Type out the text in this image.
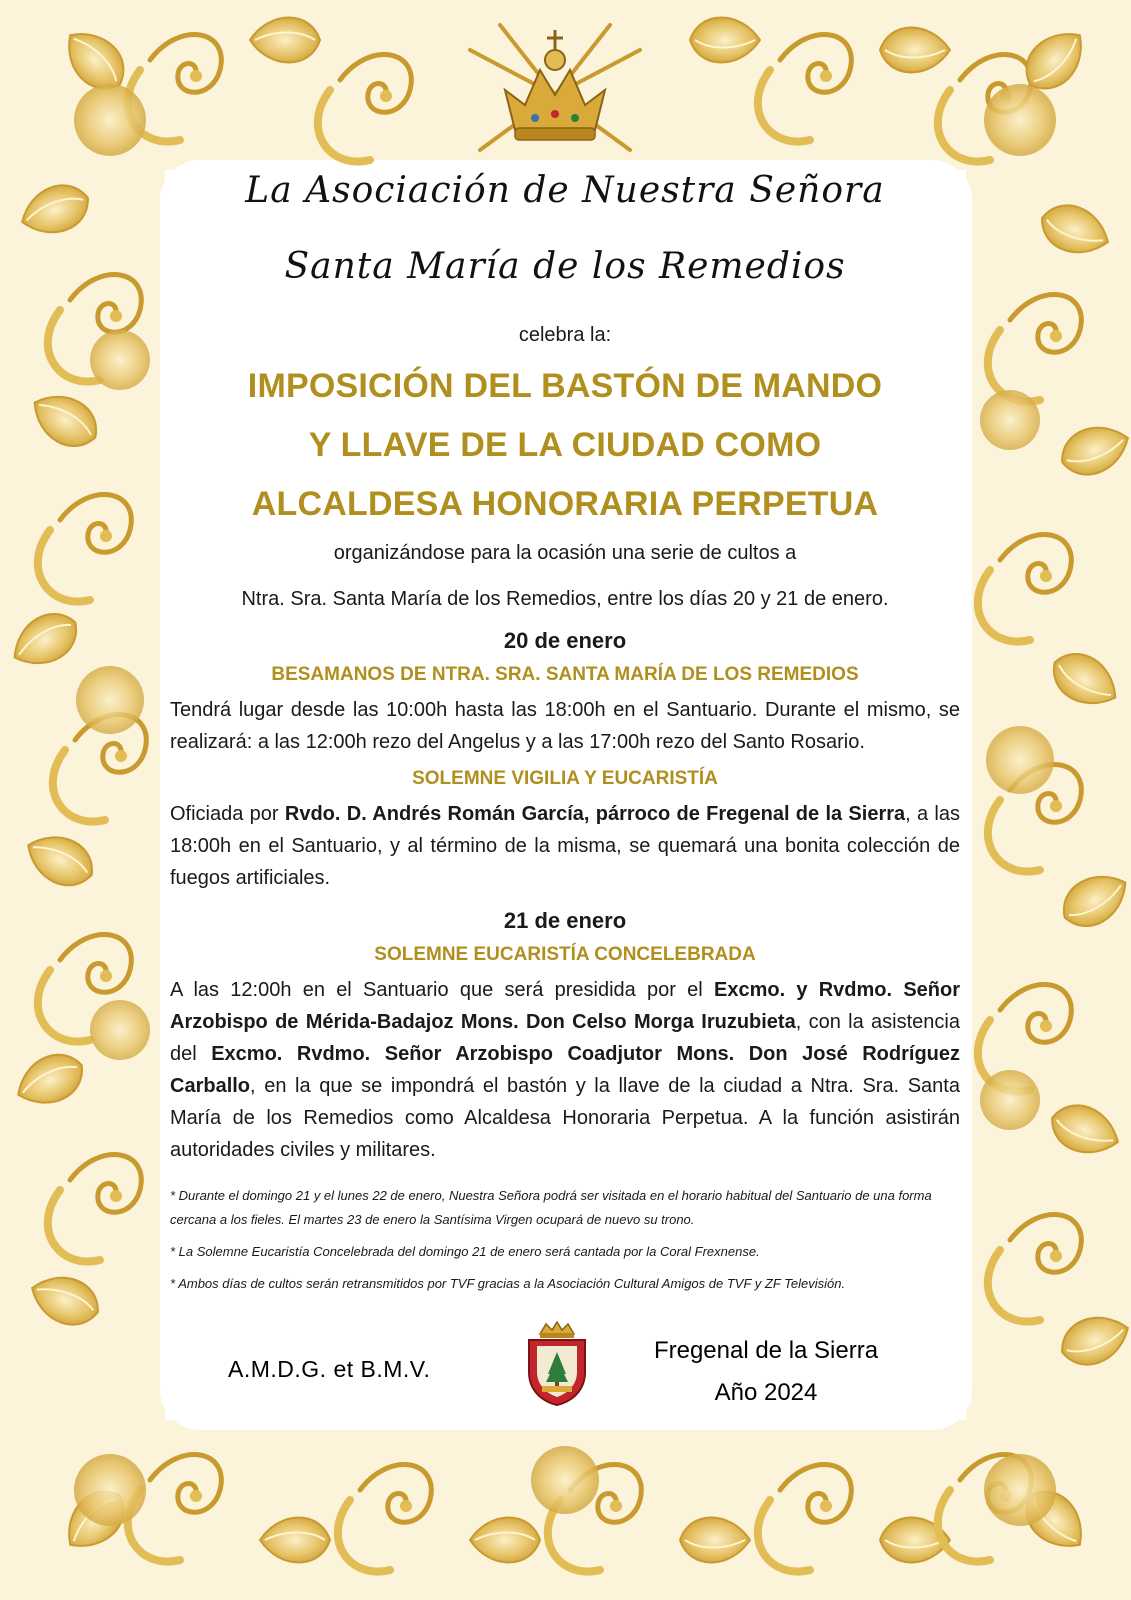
La Asociación de Nuestra Señora
Santa María de los Remedios
celebra la:
IMPOSICIÓN DEL BASTÓN DE MANDO
Y LLAVE DE LA CIUDAD COMO
ALCALDESA HONORARIA PERPETUA
organizándose para la ocasión una serie de cultos a
Ntra. Sra. Santa María de los Remedios, entre los días 20 y 21 de enero.
20 de enero
BESAMANOS DE NTRA. SRA. SANTA MARÍA DE LOS REMEDIOS
Tendrá lugar desde las 10:00h hasta las 18:00h en el Santuario. Durante el mismo, se realizará: a las 12:00h rezo del Angelus y a las 17:00h rezo del Santo Rosario.
SOLEMNE VIGILIA Y EUCARISTÍA
Oficiada por Rvdo. D. Andrés Román García, párroco de Fregenal de la Sierra, a las 18:00h en el Santuario, y al término de la misma, se quemará una bonita colección de fuegos artificiales.
21 de enero
SOLEMNE EUCARISTÍA CONCELEBRADA
A las 12:00h en el Santuario que será presidida por el Excmo. y Rvdmo. Señor Arzobispo de Mérida-Badajoz Mons. Don Celso Morga Iruzubieta, con la asistencia del Excmo. Rvdmo. Señor Arzobispo Coadjutor Mons. Don José Rodríguez Carballo, en la que se impondrá el bastón y la llave de la ciudad a Ntra. Sra. Santa María de los Remedios como Alcaldesa Honoraria Perpetua. A la función asistirán autoridades civiles y militares.

* Durante el domingo 21 y el lunes 22 de enero, Nuestra Señora podrá ser visitada en el horario habitual del Santuario de una forma cercana a los fieles. El martes 23 de enero la Santísima Virgen ocupará de nuevo su trono.

* La Solemne Eucaristía Concelebrada del domingo 21 de enero será cantada por la Coral Frexnense.

* Ambos días de cultos serán retransmitidos por TVF gracias a la Asociación Cultural Amigos de TVF y ZF Televisión.

A.M.D.G. et B.M.V.
Fregenal de la Sierra
Año 2024
